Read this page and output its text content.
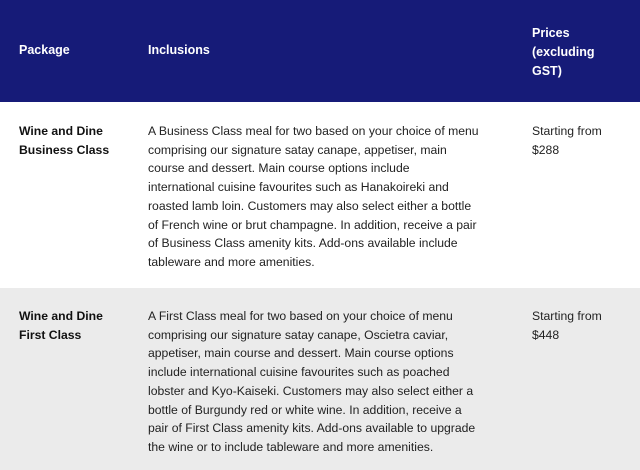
Package	Inclusions
Prices
(excluding
GST)
Wine and Dine
Business Class
A Business Class meal for two based on your choice of menu
comprising our signature satay canape, appetiser, main
course and dessert. Main course options include
international cuisine favourites such as Hanakoireki and
roasted lamb loin. Customers may also select either a bottle
of French wine or brut champagne. In addition, receive a pair
of Business Class amenity kits. Add-ons available include
tableware and more amenities.
Starting from
$288
Wine and Dine
First Class
A First Class meal for two based on your choice of menu
comprising our signature satay canape, Oscietra caviar,
appetiser, main course and dessert. Main course options
include international cuisine favourites such as poached
lobster and Kyo-Kaiseki. Customers may also select either a
bottle of Burgundy red or white wine. In addition, receive a
pair of First Class amenity kits. Add-ons available to upgrade
the wine or to include tableware and more amenities.
Starting from
$448
